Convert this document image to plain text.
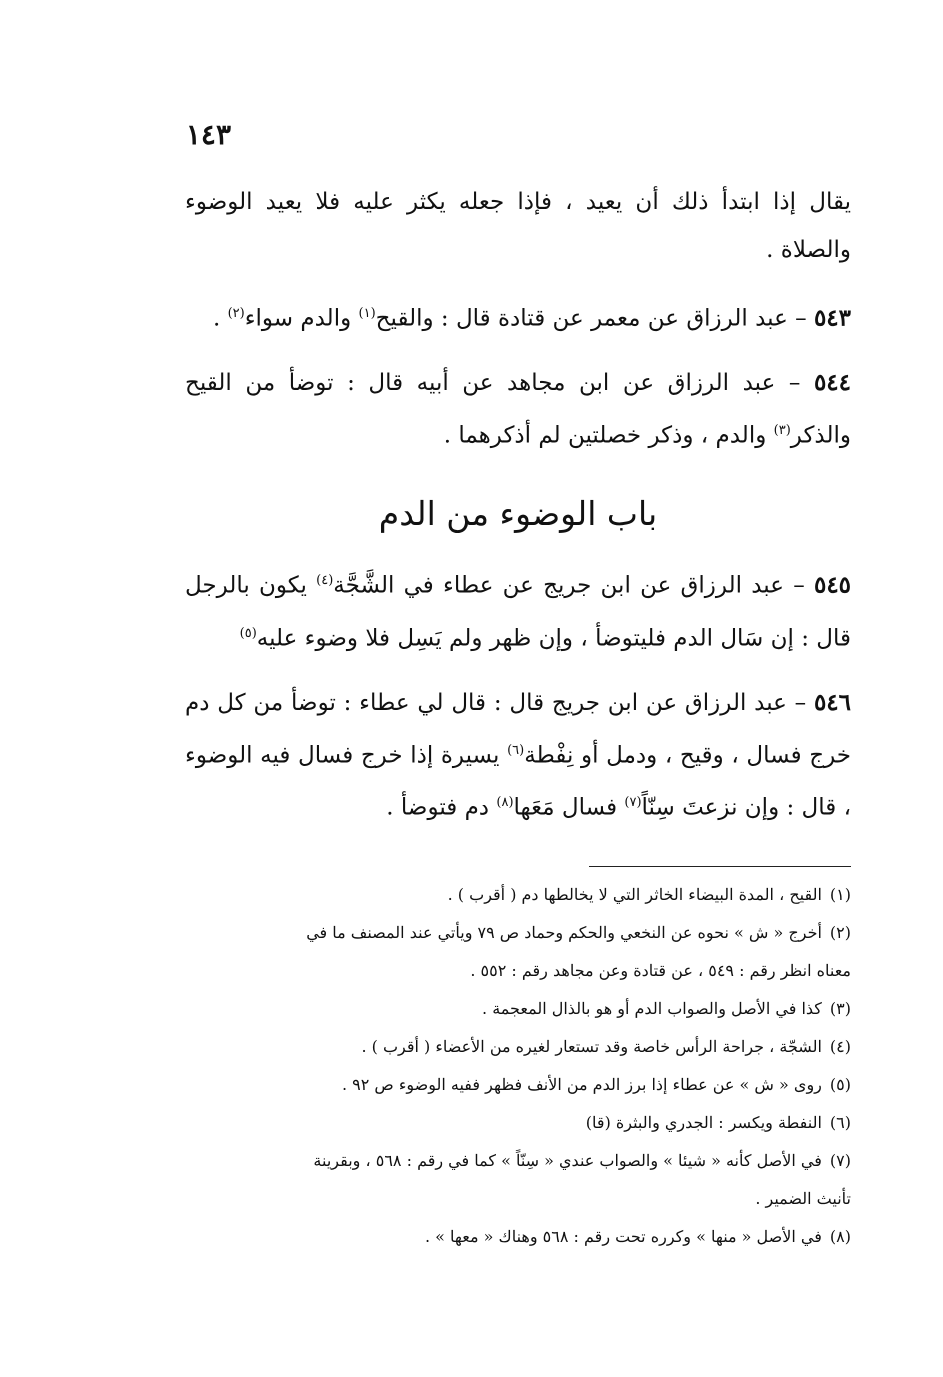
١٤٣

يقال إذا ابتدأ ذلك أن يعيد ، فإذا جعله يكثر عليه فلا يعيد الوضوء والصلاة .

٥٤٣ – عبد الرزاق عن معمر عن قتادة قال : والقيح$^{(١)}$ والدم سواء$^{(٢)}$ .

٥٤٤ – عبد الرزاق عن ابن مجاهد عن أبيه قال : توضأ من القيح والذكر$^{(٣)}$ والدم ، وذكر خصلتين لم أذكرهما .

باب الوضوء من الدم

٥٤٥ – عبد الرزاق عن ابن جريج عن عطاء في الشَّجَّة$^{(٤)}$ يكون بالرجل قال : إن سَال الدم فليتوضأ ، وإن ظهر ولم يَسِل فلا وضوء عليه$^{(٥)}$

٥٤٦ – عبد الرزاق عن ابن جريج قال : قال لي عطاء : توضأ من كل دم خرج فسال ، وقيح ، ودمل أو نِفْطة$^{(٦)}$ يسيرة إذا خرج فسال فيه الوضوء ، قال : وإن نزعتَ سِنّاً$^{(٧)}$ فسال مَعَها$^{(٨)}$ دم فتوضأ .

(١)القيح ، المدة البيضاء الخاثر التي لا يخالطها دم ( أقرب ) .

(٢)أخرج « ش » نحوه عن النخعي والحكم وحماد ص ٧٩ ويأتي عند المصنف ما في

معناه انظر رقم : ٥٤٩ ، عن قتادة وعن مجاهد رقم : ٥٥٢ .

(٣)كذا في الأصل والصواب الدم أو هو بالذال المعجمة .

(٤)الشجّة ، جراحة الرأس خاصة وقد تستعار لغيره من الأعضاء ( أقرب ) .

(٥)روى « ش » عن عطاء إذا برز الدم من الأنف فظهر ففيه الوضوء ص ٩٢ .

(٦)النفطة ويكسر : الجدري والبثرة (قا)

(٧)في الأصل كأنه « شيئا » والصواب عندي « سِنّاً » كما في رقم : ٥٦٨ ، وبقرينة

تأنيث الضمير .

(٨)في الأصل « منها » وكرره تحت رقم : ٥٦٨ وهناك « معها » .
